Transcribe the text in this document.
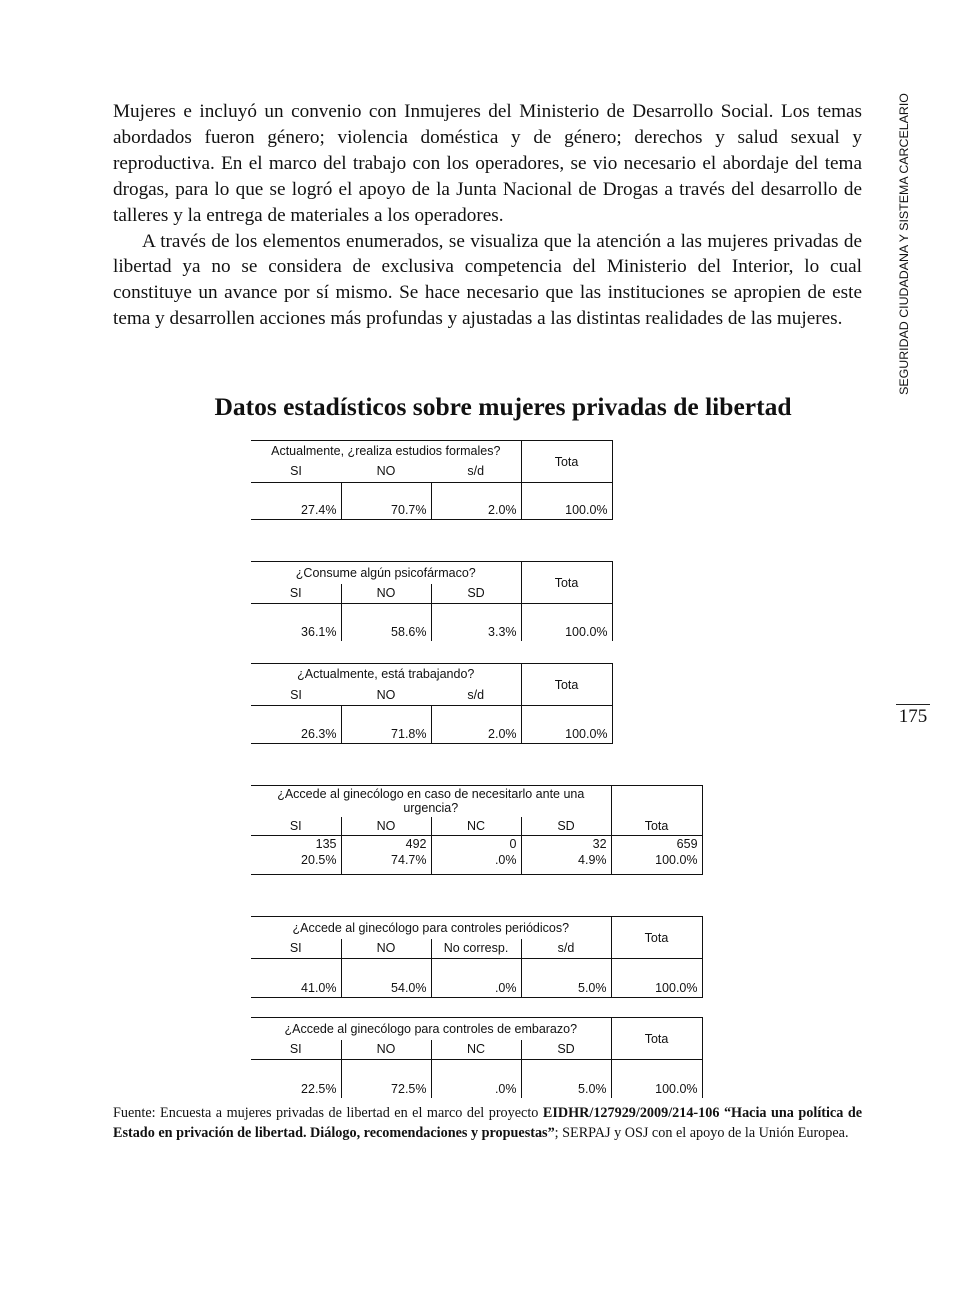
Mujeres e incluyó un convenio con Inmujeres del Ministerio de Desarrollo Social. Los temas abordados fueron género; violencia doméstica y de género; derechos y salud sexual y reproductiva. En el marco del trabajo con los operadores, se vio necesario el abordaje del tema drogas, para lo que se logró el apoyo de la Junta Nacional de Drogas a través del desarrollo de talleres y la entrega de materiales a los operadores.

A través de los elementos enumerados, se visualiza que la atención a las mujeres privadas de libertad ya no se considera de exclusiva competencia del Ministerio del Interior, lo cual constituye un avance por sí mismo. Se hace necesario que las instituciones se apropien de este tema y desarrollen acciones más profundas y ajustadas a las distintas realidades de las mujeres.	SEGURIDAD CIUDADANA Y SISTEMA CARCELARIO
175
Datos estadísticos sobre mujeres privadas de libertad
Actualmente, ¿realiza estudios formales?			Tota
SI	NO	s/d	
27.4%	70.7%	2.0%	100.0%
¿Consume algún psicofármaco?			Tota
SI	NO	SD	
36.1%	58.6%	3.3%	100.0%
¿Actualmente, está trabajando?			Tota
SI	NO	s/d	
26.3%	71.8%	2.0%	100.0%
¿Accede al ginecólogo en caso de necesitarlo ante una urgencia?				Tota
SI	NO	NC	SD	
135	492	0	32	659
20.5%	74.7%	.0%	4.9%	100.0%
¿Accede al ginecólogo para controles periódicos?				Tota
SI	NO	No corresp.	s/d	
41.0%	54.0%	.0%	5.0%	100.0%
¿Accede al ginecólogo para controles de embarazo?				Tota
SI	NO	NC	SD	
22.5%	72.5%	.0%	5.0%	100.0%
Fuente: Encuesta a mujeres privadas de libertad en el marco del proyecto EIDHR/127929/2009/214-106 “Hacia una política de Estado en privación de libertad. Diálogo, recomendaciones y propuestas”; SERPAJ y OSJ con el apoyo de la Unión Europea.
